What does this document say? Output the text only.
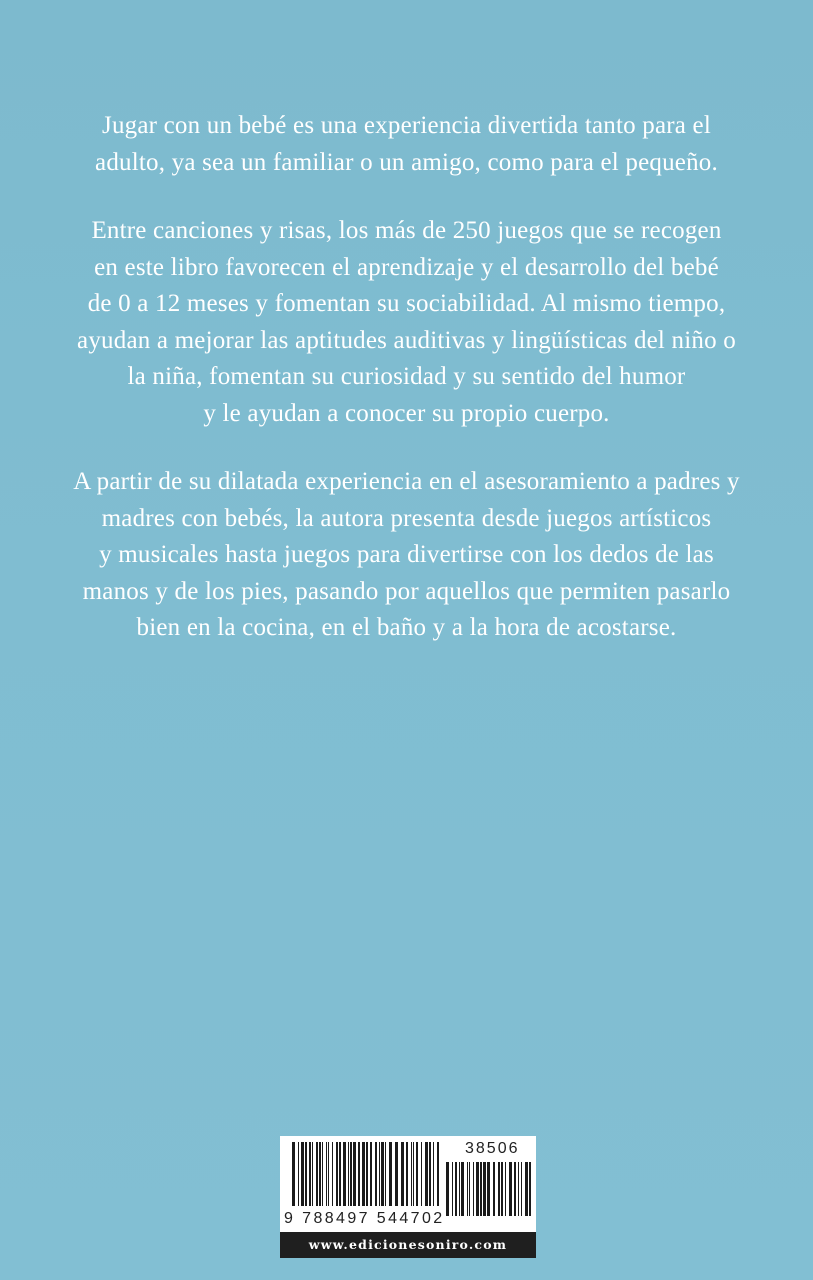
Jugar con un bebé es una experiencia divertida tanto para el
adulto, ya sea un familiar o un amigo, como para el pequeño.
Entre canciones y risas, los más de 250 juegos que se recogen
en este libro favorecen el aprendizaje y el desarrollo del bebé
de 0 a 12 meses y fomentan su sociabilidad. Al mismo tiempo,
ayudan a mejorar las aptitudes auditivas y lingüísticas del niño o
la niña, fomentan su curiosidad y su sentido del humor
y le ayudan a conocer su propio cuerpo.
A partir de su dilatada experiencia en el asesoramiento a padres y
madres con bebés, la autora presenta desde juegos artísticos
y musicales hasta juegos para divertirse con los dedos de las
manos y de los pies, pasando por aquellos que permiten pasarlo
bien en la cocina, en el baño y a la hora de acostarse.
38506
9 788497 544702
www.edicionesoniro.com
